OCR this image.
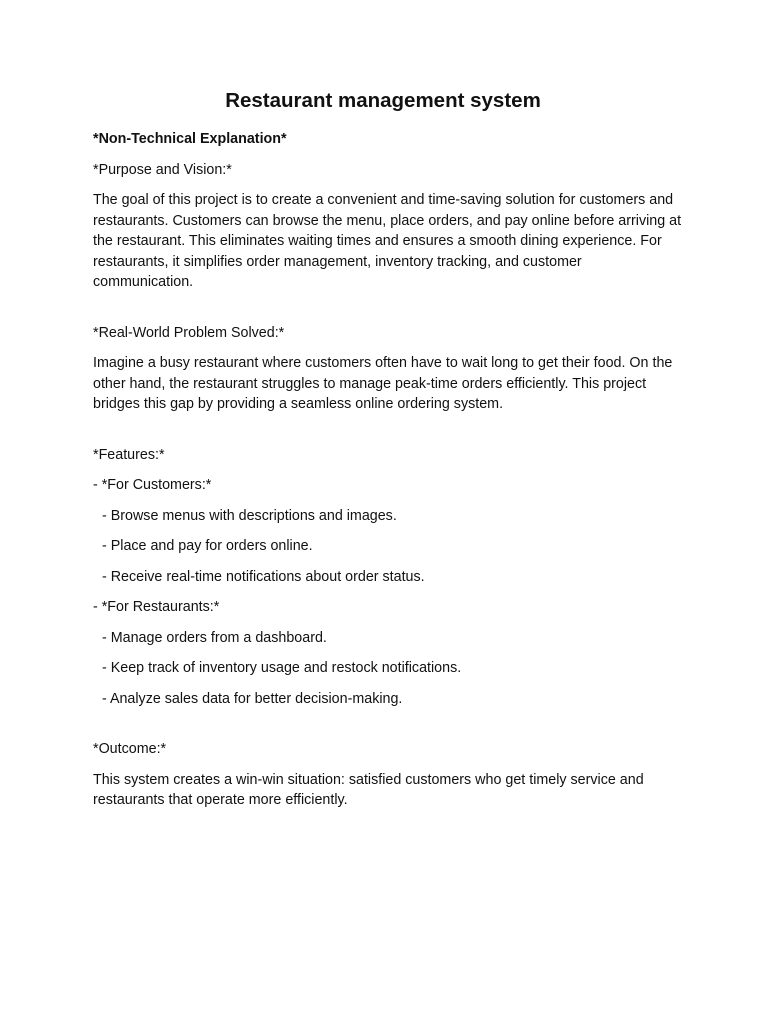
Restaurant management system

*Non-Technical Explanation*

*Purpose and Vision:*

The goal of this project is to create a convenient and time-saving solution for customers and restaurants. Customers can browse the menu, place orders, and pay online before arriving at the restaurant. This eliminates waiting times and ensures a smooth dining experience. For restaurants, it simplifies order management, inventory tracking, and customer communication.

*Real-World Problem Solved:*

Imagine a busy restaurant where customers often have to wait long to get their food. On the other hand, the restaurant struggles to manage peak-time orders efficiently. This project bridges this gap by providing a seamless online ordering system.

*Features:*

- *For Customers:*

- Browse menus with descriptions and images.

- Place and pay for orders online.

- Receive real-time notifications about order status.

- *For Restaurants:*

- Manage orders from a dashboard.

- Keep track of inventory usage and restock notifications.

- Analyze sales data for better decision-making.

*Outcome:*

This system creates a win-win situation: satisfied customers who get timely service and restaurants that operate more efficiently.
